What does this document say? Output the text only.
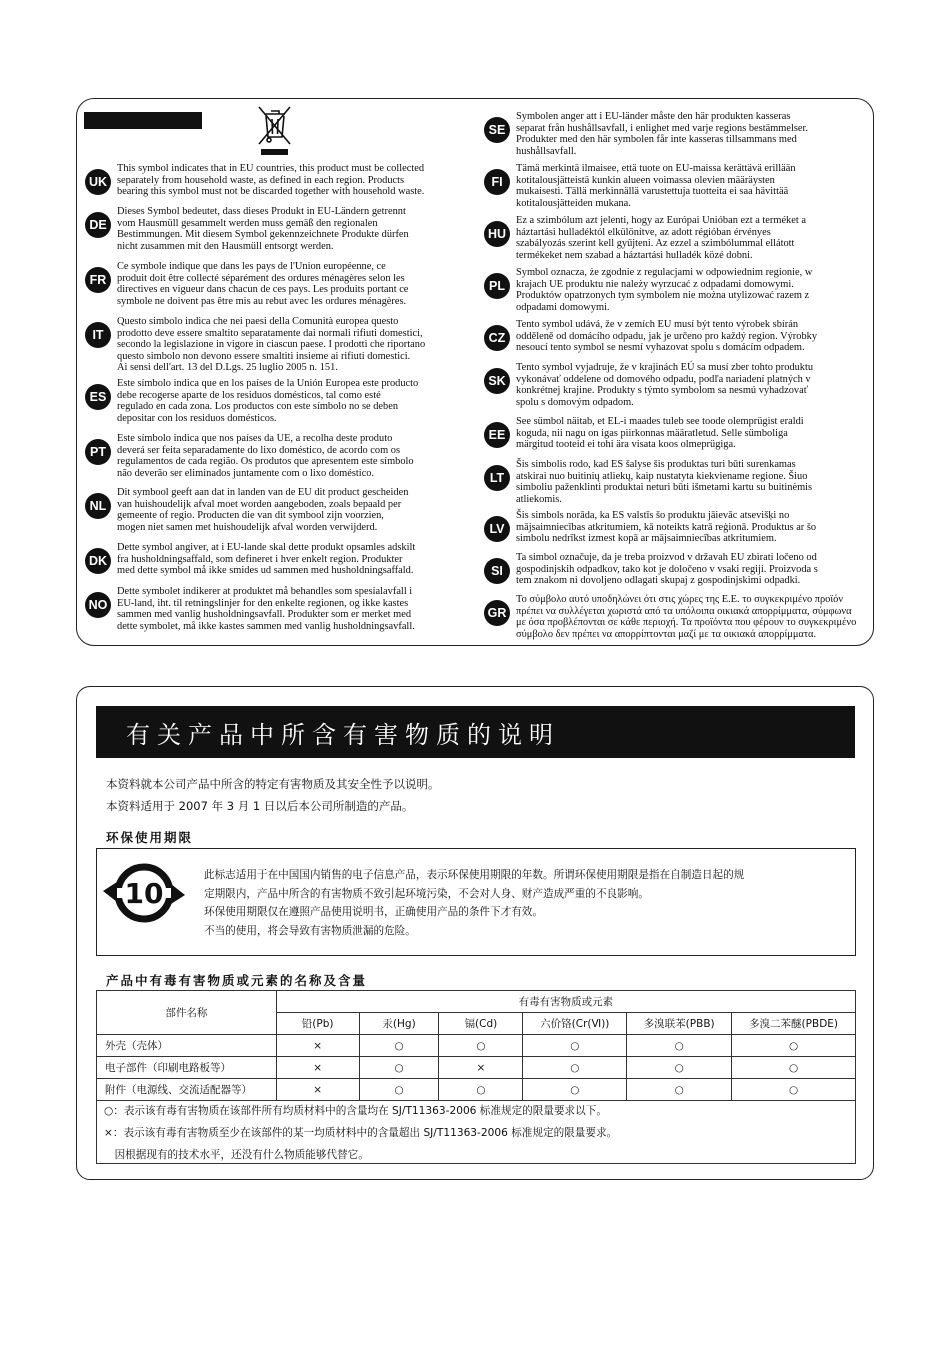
有关产品中所含有害物质的说明
本资料就本公司产品中所含的特定有害物质及其安全性予以说明。
本资料适用于 2007 年 3 月 1 日以后本公司所制造的产品。
环保使用期限
10
此标志适用于在中国国内销售的电子信息产品，表示环保使用期限的年数。所谓环保使用期限是指在自制造日起的规
定期限内，产品中所含的有害物质不致引起环境污染，不会对人身、财产造成严重的不良影响。
环保使用期限仅在遵照产品使用说明书，正确使用产品的条件下才有效。
不当的使用，将会导致有害物质泄漏的危险。
产品中有毒有害物质或元素的名称及含量
部件名称	有毒有害物质或元素					
	铅(Pb)	汞(Hg)	镉(Cd)	六价铬(Cr(Ⅵ))	多溴联苯(PBB)	多溴二苯醚(PBDE)
外壳（壳体）	×	○	○	○	○	○
电子部件（印刷电路板等）	×	○	×	○	○	○
附件（电源线、交流适配器等）	×	○	○	○	○	○

○：表示该有毒有害物质在该部件所有均质材料中的含量均在 SJ/T11363-2006 标准规定的限量要求以下。
×：表示该有毒有害物质至少在该部件的某一均质材料中的含量超出 SJ/T11363-2006 标准规定的限量要求。
　因根据现有的技术水平，还没有什么物质能够代替它。
UK
This symbol indicates that in EU countries, this product must be collected
separately from household waste, as defined in each region. Products
bearing this symbol must not be discarded together with household waste.
DE
Dieses Symbol bedeutet, dass dieses Produkt in EU-Ländern getrennt
vom Hausmüll gesammelt werden muss gemäß den regionalen
Bestimmungen. Mit diesem Symbol gekennzeichnete Produkte dürfen
nicht zusammen mit den Hausmüll entsorgt werden.
FR
Ce symbole indique que dans les pays de l'Union européenne, ce
produit doit être collecté séparément des ordures ménagères selon les
directives en vigueur dans chacun de ces pays. Les produits portant ce
symbole ne doivent pas être mis au rebut avec les ordures ménagères.
IT
Questo simbolo indica che nei paesi della Comunità europea questo
prodotto deve essere smaltito separatamente dai normali rifiuti domestici,
secondo la legislazione in vigore in ciascun paese. I prodotti che riportano
questo simbolo non devono essere smaltiti insieme ai rifiuti domestici.
Ai sensi dell'art. 13 del D.Lgs. 25 luglio 2005 n. 151.
ES
Este símbolo indica que en los países de la Unión Europea este producto
debe recogerse aparte de los residuos domésticos, tal como esté
regulado en cada zona. Los productos con este símbolo no se deben
depositar con los residuos domésticos.
PT
Este símbolo indica que nos países da UE, a recolha deste produto
deverá ser feita separadamente do lixo doméstico, de acordo com os
regulamentos de cada região. Os produtos que apresentem este símbolo
não deverão ser eliminados juntamente com o lixo doméstico.
NL
Dit symbool geeft aan dat in landen van de EU dit product gescheiden
van huishoudelijk afval moet worden aangeboden, zoals bepaald per
gemeente of regio. Producten die van dit symbool zijn voorzien,
mogen niet samen met huishoudelijk afval worden verwijderd.
DK
Dette symbol angiver, at i EU-lande skal dette produkt opsamles adskilt
fra husholdningsaffald, som defineret i hver enkelt region. Produkter
med dette symbol må ikke smides ud sammen med husholdningsaffald.
NO
Dette symbolet indikerer at produktet må behandles som spesialavfall i
EU-land, iht. til retningslinjer for den enkelte regionen, og ikke kastes
sammen med vanlig husholdningsavfall. Produkter som er merket med
dette symbolet, må ikke kastes sammen med vanlig husholdningsavfall.
SE
Symbolen anger att i EU-länder måste den här produkten kasseras
separat från hushållsavfall, i enlighet med varje regions bestämmelser.
Produkter med den här symbolen får inte kasseras tillsammans med
hushållsavfall.
FI
Tämä merkintä ilmaisee, että tuote on EU-maissa kerättävä erillään
kotitalousjätteistä kunkin alueen voimassa olevien määräysten
mukaisesti. Tällä merkinnällä varustettuja tuotteita ei saa hävittää
kotitalousjätteiden mukana.
HU
Ez a szimbólum azt jelenti, hogy az Európai Unióban ezt a terméket a
háztartási hulladéktól elkülönítve, az adott régióban érvényes
szabályozás szerint kell gyűjteni. Az ezzel a szimbólummal ellátott
termékeket nem szabad a háztartási hulladék közé dobni.
PL
Symbol oznacza, że zgodnie z regulacjami w odpowiednim regionie, w
krajach UE produktu nie należy wyrzucać z odpadami domowymi.
Produktów opatrzonych tym symbolem nie można utylizować razem z
odpadami domowymi.
CZ
Tento symbol udává, že v zemích EU musí být tento výrobek sbírán
odděleně od domácího odpadu, jak je určeno pro každý region. Výrobky
nesoucí tento symbol se nesmí vyhazovat spolu s domácím odpadem.
SK
Tento symbol vyjadruje, že v krajinách EÚ sa musí zber tohto produktu
vykonávať oddelene od domového odpadu, podľa nariadení platných v
konkrétnej krajine. Produkty s týmto symbolom sa nesmú vyhadzovať
spolu s domovým odpadom.
EE
See sümbol näitab, et EL-i maades tuleb see toode olemprügist eraldi
koguda, nii nagu on igas piirkonnas määratletud. Selle sümboliga
märgitud tooteid ei tohi ära visata koos olmeprügiga.
LT
Šis simbolis rodo, kad ES šalyse šis produktas turi būti surenkamas
atskirai nuo buitinių atliekų, kaip nustatyta kiekviename regione. Šiuo
simboliu paženklinti produktai neturi būti išmetami kartu su buitinėmis
atliekomis.
LV
Šis simbols norāda, ka ES valstīs šo produktu jāievāc atsevišķi no
mājsaimniecības atkritumiem, kā noteikts katrā reģionā. Produktus ar šo
simbolu nedrīkst izmest kopā ar mājsaimniecības atkritumiem.
SI
Ta simbol označuje, da je treba proizvod v državah EU zbirati ločeno od
gospodinjskih odpadkov, tako kot je določeno v vsaki regiji. Proizvoda s
tem znakom ni dovoljeno odlagati skupaj z gospodinjskimi odpadki.
GR
Το σύμβολο αυτό υποδηλώνει ότι στις χώρες της Ε.Ε. το συγκεκριμένο προϊόν
πρέπει να συλλέγεται χωριστά από τα υπόλοιπα οικιακά απορρίμματα, σύμφωνα
με όσα προβλέπονται σε κάθε περιοχή. Τα προϊόντα που φέρουν το συγκεκριμένο
σύμβολο δεν πρέπει να απορρίπτονται μαζί με τα οικιακά απορρίμματα.
